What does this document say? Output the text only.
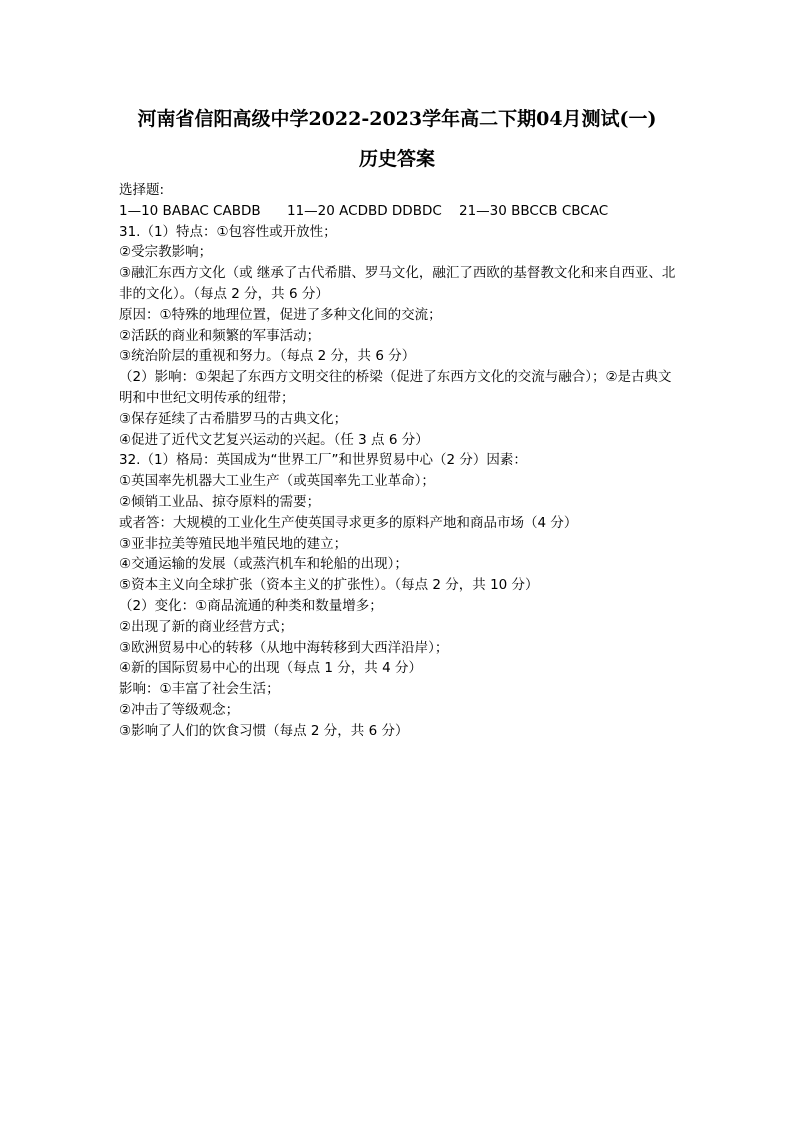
河南省信阳高级中学2022-2023学年高二下期04月测试(一)
历史答案
选择题:
1—10 BABAC CABDB	11—20 ACDBD DDBDC	21—30 BBCCB CBCAC
31.（1）特点：①包容性或开放性；
②受宗教影响；
③融汇东西方文化（或 继承了古代希腊、罗马文化，融汇了西欧的基督教文化和来自西亚、北非的文化）。（每点 2 分，共 6 分）
原因：①特殊的地理位置，促进了多种文化间的交流；
②活跃的商业和频繁的军事活动；
③统治阶层的重视和努力。（每点 2 分，共 6 分）
（2）影响：①架起了东西方文明交往的桥梁（促进了东西方文化的交流与融合）；②是古典文明和中世纪文明传承的纽带；
③保存延续了古希腊罗马的古典文化；
④促进了近代文艺复兴运动的兴起。（任 3 点 6 分）
32.（1）格局：英国成为“世界工厂”和世界贸易中心（2 分）因素：
①英国率先机器大工业生产（或英国率先工业革命）；
②倾销工业品、掠夺原料的需要；
或者答：大规模的工业化生产使英国寻求更多的原料产地和商品市场（4 分）
③亚非拉美等殖民地半殖民地的建立；
④交通运输的发展（或蒸汽机车和轮船的出现）；
⑤资本主义向全球扩张（资本主义的扩张性）。（每点 2 分，共 10 分）
（2）变化：①商品流通的种类和数量增多；
②出现了新的商业经营方式；
③欧洲贸易中心的转移（从地中海转移到大西洋沿岸）；
④新的国际贸易中心的出现（每点 1 分，共 4 分）
影响：①丰富了社会生活；
②冲击了等级观念；
③影响了人们的饮食习惯（每点 2 分，共 6 分）
